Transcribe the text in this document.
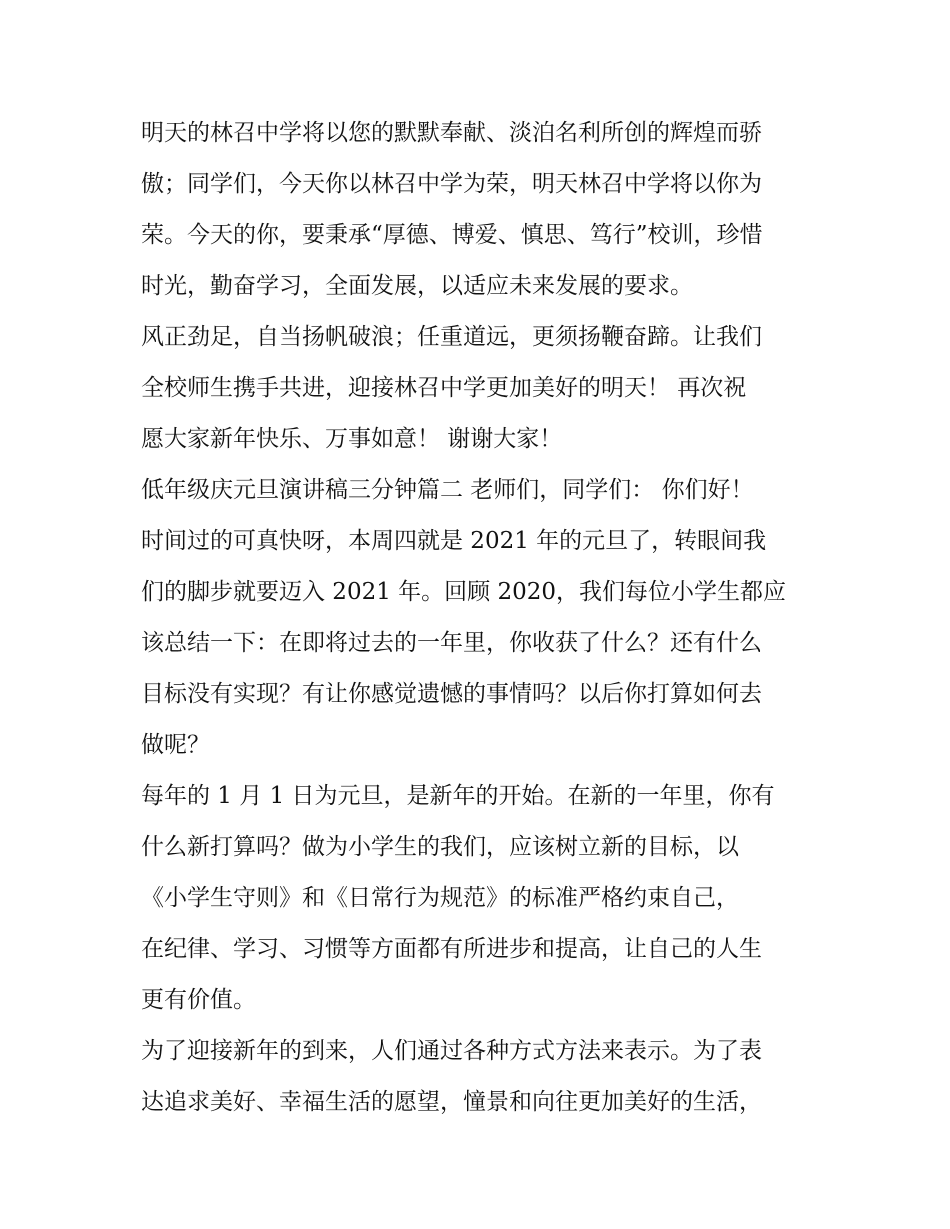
明天的林召中学将以您的默默奉献、淡泊名利所创的辉煌而骄
傲；同学们，今天你以林召中学为荣，明天林召中学将以你为
荣。今天的你，要秉承“厚德、博爱、慎思、笃行”校训，珍惜
时光，勤奋学习，全面发展，以适应未来发展的要求。
风正劲足，自当扬帆破浪；任重道远，更须扬鞭奋蹄。让我们
全校师生携手共进，迎接林召中学更加美好的明天！ 再次祝
愿大家新年快乐、万事如意！ 谢谢大家！
低年级庆元旦演讲稿三分钟篇二 老师们，同学们： 你们好！
时间过的可真快呀，本周四就是 2021 年的元旦了，转眼间我
们的脚步就要迈入 2021 年。回顾 2020，我们每位小学生都应
该总结一下：在即将过去的一年里，你收获了什么？还有什么
目标没有实现？有让你感觉遗憾的事情吗？以后你打算如何去
做呢？
每年的 1 月 1 日为元旦，是新年的开始。在新的一年里，你有
什么新打算吗？做为小学生的我们，应该树立新的目标，以
《小学生守则》和《日常行为规范》的标准严格约束自己，
在纪律、学习、习惯等方面都有所进步和提高，让自己的人生
更有价值。
为了迎接新年的到来，人们通过各种方式方法来表示。为了表
达追求美好、幸福生活的愿望，憧景和向往更加美好的生活，
